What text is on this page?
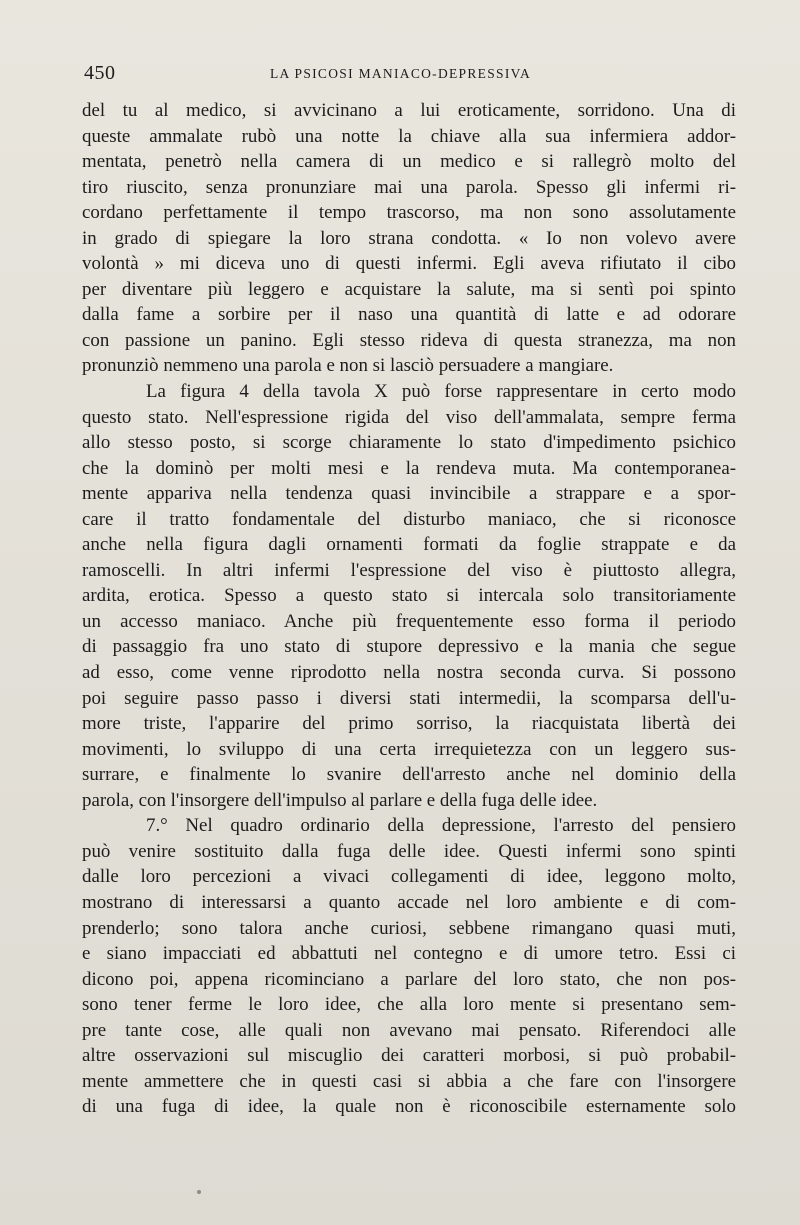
450	LA PSICOSI MANIACO-DEPRESSIVA
del tu al medico, si avvicinano a lui eroticamente, sorridono. Una di
queste ammalate rubò una notte la chiave alla sua infermiera addor-
mentata, penetrò nella camera di un medico e si rallegrò molto del
tiro riuscito, senza pronunziare mai una parola. Spesso gli infermi ri-
cordano perfettamente il tempo trascorso, ma non sono assolutamente
in grado di spiegare la loro strana condotta. « Io non volevo avere
volontà » mi diceva uno di questi infermi. Egli aveva rifiutato il cibo
per diventare più leggero e acquistare la salute, ma si sentì poi spinto
dalla fame a sorbire per il naso una quantità di latte e ad odorare
con passione un panino. Egli stesso rideva di questa stranezza, ma non
pronunziò nemmeno una parola e non si lasciò persuadere a mangiare.
La figura 4 della tavola X può forse rappresentare in certo modo
questo stato. Nell'espressione rigida del viso dell'ammalata, sempre ferma
allo stesso posto, si scorge chiaramente lo stato d'impedimento psichico
che la dominò per molti mesi e la rendeva muta. Ma contemporanea-
mente appariva nella tendenza quasi invincibile a strappare e a spor-
care il tratto fondamentale del disturbo maniaco, che si riconosce
anche nella figura dagli ornamenti formati da foglie strappate e da
ramoscelli. In altri infermi l'espressione del viso è piuttosto allegra,
ardita, erotica. Spesso a questo stato si intercala solo transitoriamente
un accesso maniaco. Anche più frequentemente esso forma il periodo
di passaggio fra uno stato di stupore depressivo e la mania che segue
ad esso, come venne riprodotto nella nostra seconda curva. Si possono
poi seguire passo passo i diversi stati intermedii, la scomparsa dell'u-
more triste, l'apparire del primo sorriso, la riacquistata libertà dei
movimenti, lo sviluppo di una certa irrequietezza con un leggero sus-
surrare, e finalmente lo svanire dell'arresto anche nel dominio della
parola, con l'insorgere dell'impulso al parlare e della fuga delle idee.
7.° Nel quadro ordinario della depressione, l'arresto del pensiero
può venire sostituito dalla fuga delle idee. Questi infermi sono spinti
dalle loro percezioni a vivaci collegamenti di idee, leggono molto,
mostrano di interessarsi a quanto accade nel loro ambiente e di com-
prenderlo; sono talora anche curiosi, sebbene rimangano quasi muti,
e siano impacciati ed abbattuti nel contegno e di umore tetro. Essi ci
dicono poi, appena ricominciano a parlare del loro stato, che non pos-
sono tener ferme le loro idee, che alla loro mente si presentano sem-
pre tante cose, alle quali non avevano mai pensato. Riferendoci alle
altre osservazioni sul miscuglio dei caratteri morbosi, si può probabil-
mente ammettere che in questi casi si abbia a che fare con l'insorgere
di una fuga di idee, la quale non è riconoscibile esternamente solo
